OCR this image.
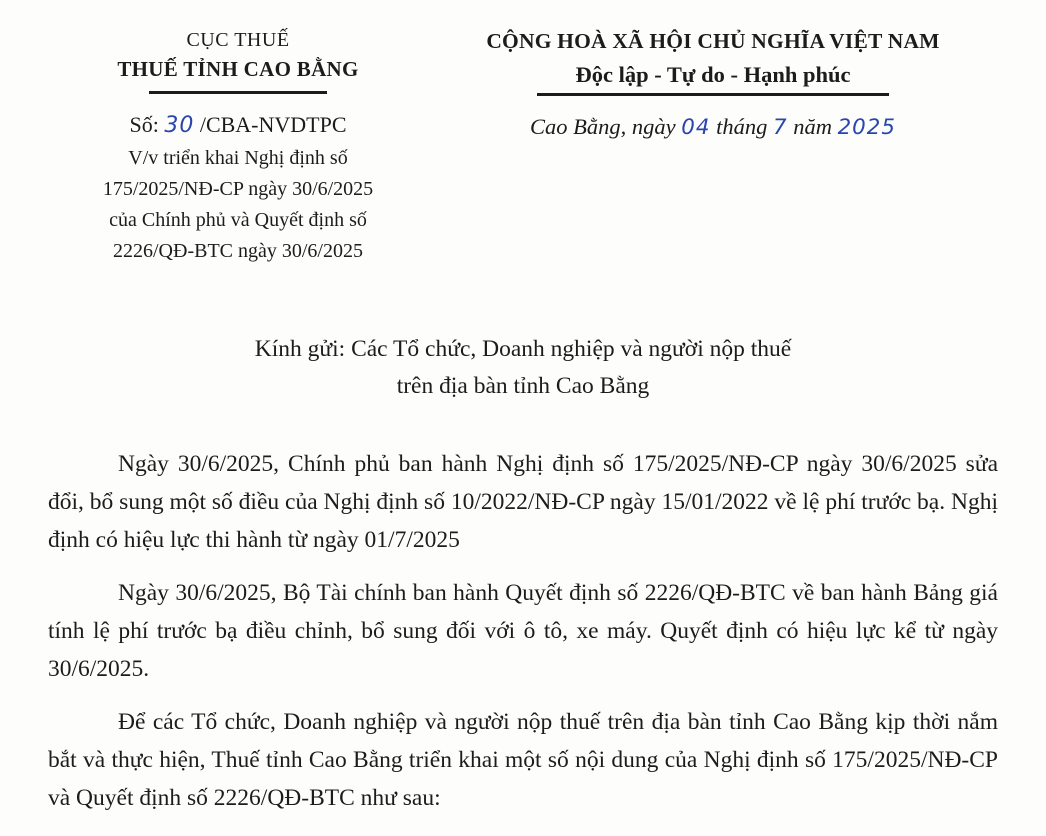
CỤC THUẾ
THUẾ TỈNH CAO BẰNG
Số: 30 /CBA-NVDTPC
V/v triển khai Nghị định số
175/2025/NĐ-CP ngày 30/6/2025
của Chính phủ và Quyết định số
2226/QĐ-BTC ngày 30/6/2025
CỘNG HOÀ XÃ HỘI CHỦ NGHĨA VIỆT NAM
Độc lập - Tự do - Hạnh phúc
Cao Bằng, ngày 04 tháng 7 năm 2025
Kính gửi: Các Tổ chức, Doanh nghiệp và người nộp thuế
trên địa bàn tỉnh Cao Bằng

Ngày 30/6/2025, Chính phủ ban hành Nghị định số 175/2025/NĐ-CP ngày 30/6/2025 sửa đổi, bổ sung một số điều của Nghị định số 10/2022/NĐ-CP ngày 15/01/2022 về lệ phí trước bạ. Nghị định có hiệu lực thi hành từ ngày 01/7/2025

Ngày 30/6/2025, Bộ Tài chính ban hành Quyết định số 2226/QĐ-BTC về ban hành Bảng giá tính lệ phí trước bạ điều chỉnh, bổ sung đối với ô tô, xe máy. Quyết định có hiệu lực kể từ ngày 30/6/2025.

Để các Tổ chức, Doanh nghiệp và người nộp thuế trên địa bàn tỉnh Cao Bằng kịp thời nắm bắt và thực hiện, Thuế tỉnh Cao Bằng triển khai một số nội dung của Nghị định số 175/2025/NĐ-CP và Quyết định số 2226/QĐ-BTC như sau:
